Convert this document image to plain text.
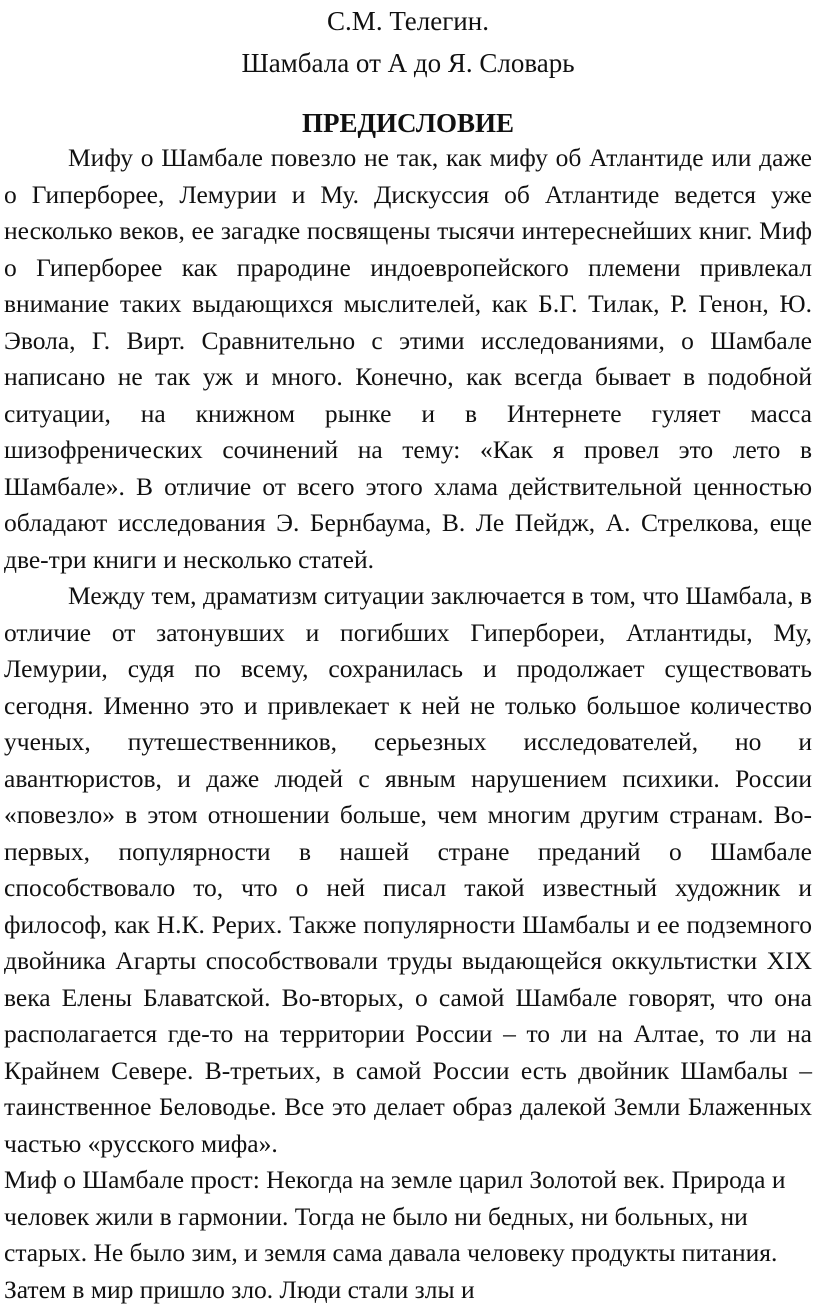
С.М. Телегин.
Шамбала от А до Я. Словарь
ПРЕДИСЛОВИЕ

Мифу о Шамбале повезло не так, как мифу об Атлантиде или даже о Гиперборее, Лемурии и Му. Дискуссия об Атлантиде ведется уже несколько веков, ее загадке посвящены тысячи интереснейших книг. Миф о Гиперборее как прародине индоевропейского племени привлекал внимание таких выдающихся мыслителей, как Б.Г. Тилак, Р. Генон, Ю. Эвола, Г. Вирт. Сравнительно с этими исследованиями, о Шамбале написано не так уж и много. Конечно, как всегда бывает в подобной ситуации, на книжном рынке и в Интернете гуляет масса шизофренических сочинений на тему: «Как я провел это лето в Шамбале». В отличие от всего этого хлама действительной ценностью обладают исследования Э. Бернбаума, В. Ле Пейдж, А. Стрелкова, еще две-три книги и несколько статей.

Между тем, драматизм ситуации заключается в том, что Шамбала, в отличие от затонувших и погибших Гипербореи, Атлантиды, Му, Лемурии, судя по всему, сохранилась и продолжает существовать сегодня. Именно это и привлекает к ней не только большое количество ученых, путешественников, серьезных исследователей, но и авантюристов, и даже людей с явным нарушением психики. России «повезло» в этом отношении больше, чем многим другим странам. Во-первых, популярности в нашей стране преданий о Шамбале способствовало то, что о ней писал такой известный художник и философ, как Н.К. Рерих. Также популярности Шамбалы и ее подземного двойника Агарты способствовали труды выдающейся оккультистки XIX века Елены Блаватской. Во-вторых, о самой Шамбале говорят, что она располагается где-то на территории России – то ли на Алтае, то ли на Крайнем Севере. В-третьих, в самой России есть двойник Шамбалы – таинственное Беловодье. Все это делает образ далекой Земли Блаженных частью «русского мифа».

Миф о Шамбале прост: Некогда на земле царил Золотой век. Природа и человек жили в гармонии. Тогда не было ни бедных, ни больных, ни старых. Не было зим, и земля сама давала человеку продукты питания. Затем в мир пришло зло. Люди стали злы и
